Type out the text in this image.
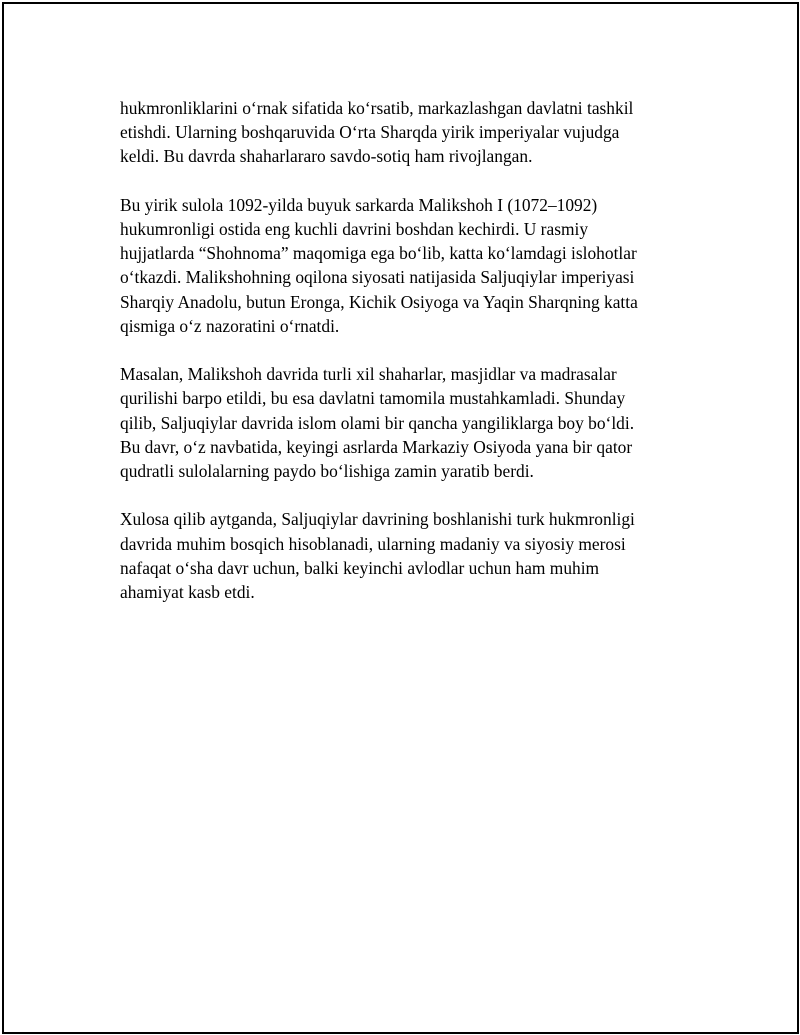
hukmronliklarini oʻrnak sifatida koʻrsatib, markazlashgan davlatni tashkil
etishdi. Ularning boshqaruvida Oʻrta Sharqda yirik imperiyalar vujudga
keldi. Bu davrda shaharlararo savdo-sotiq ham rivojlangan.

Bu yirik sulola 1092-yilda buyuk sarkarda Malikshoh I (1072–1092)
hukumronligi ostida eng kuchli davrini boshdan kechirdi. U rasmiy
hujjatlarda “Shohnoma” maqomiga ega boʻlib, katta koʻlamdagi islohotlar
oʻtkazdi. Malikshohning oqilona siyosati natijasida Saljuqiylar imperiyasi
Sharqiy Anadolu, butun Eronga, Kichik Osiyoga va Yaqin Sharqning katta
qismiga oʻz nazoratini oʻrnatdi.

Masalan, Malikshoh davrida turli xil shaharlar, masjidlar va madrasalar
qurilishi barpo etildi, bu esa davlatni tamomila mustahkamladi. Shunday
qilib, Saljuqiylar davrida islom olami bir qancha yangiliklarga boy boʻldi.
Bu davr, oʻz navbatida, keyingi asrlarda Markaziy Osiyoda yana bir qator
qudratli sulolalarning paydo boʻlishiga zamin yaratib berdi.

Xulosa qilib aytganda, Saljuqiylar davrining boshlanishi turk hukmronligi
davrida muhim bosqich hisoblanadi, ularning madaniy va siyosiy merosi
nafaqat oʻsha davr uchun, balki keyinchi avlodlar uchun ham muhim
ahamiyat kasb etdi.
